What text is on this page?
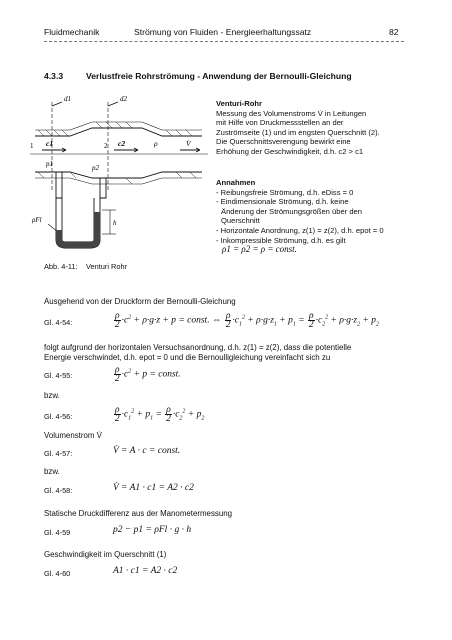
Fluidmechanik	Strömung von Fluiden - Energieerhaltungssatz	82
4.3.3	Verlustfreie Rohrströmung - Anwendung der Bernoulli-Gleichung
d1	d2
1	2
c1	c2	ρ	V̇
p1	p2
h
ρFl
Abb. 4-11: Venturi Rohr
Venturi-Rohr
Messung des Volumenstroms V̇ in Leitungen
mit Hilfe von Druckmessstellen an der
Zuströmseite (1) und im engsten Querschnitt (2).
Die Querschnittsverengung bewirkt eine
Erhöhung der Geschwindigkeit, d.h. c2 > c1
Annahmen
- Reibungsfreie Strömung, d.h. eDiss = 0
- Eindimensionale Strömung, d.h. keine
Änderung der Strömungsgrößen über den
Querschnitt
- Horizontale Anordnung, z(1) = z(2), d.h. epot = 0
- Inkompressible Strömung, d.h. es gilt
ρ1 = ρ2 = ρ = const.
Ausgehend von der Druckform der Bernoulli-Gleichung
Gl. 4-54:	$\frac{\rho}{2} \cdot c^2 + \rho\cdot g\cdot z + p$ = const. ⇔ $\frac{\rho}{2} \cdot c_1^2 + \rho\cdot g\cdot z_1 + p_1 = \frac{\rho}{2} \cdot c_2^2 + \rho\cdot g\cdot z_2 + p_2$
folgt aufgrund der horizontalen Versuchsanordnung, d.h. z(1) = z(2), dass die potentielle
Energie verschwindet, d.h. epot = 0 und die Bernoulligleichung vereinfacht sich zu
Gl. 4-55:	$\frac{\rho}{2} \cdot c^2 + p$ = const.
bzw.
Gl. 4-56:	$\frac{\rho}{2} \cdot c_1^2 + p_1 = \frac{\rho}{2} \cdot c_2^2 + p_2$
Volumenstrom V̇
Gl. 4-57:	V̇ = A · c = const.
bzw.
Gl. 4-58:	V̇ = A1 · c1 = A2 · c2
Statische Druckdifferenz aus der Manometermessung
Gl. 4-59	p2 − p1 = ρFl · g · h
Geschwindigkeit im Querschnitt (1)
Gl. 4-60	A1 · c1 = A2 · c2
